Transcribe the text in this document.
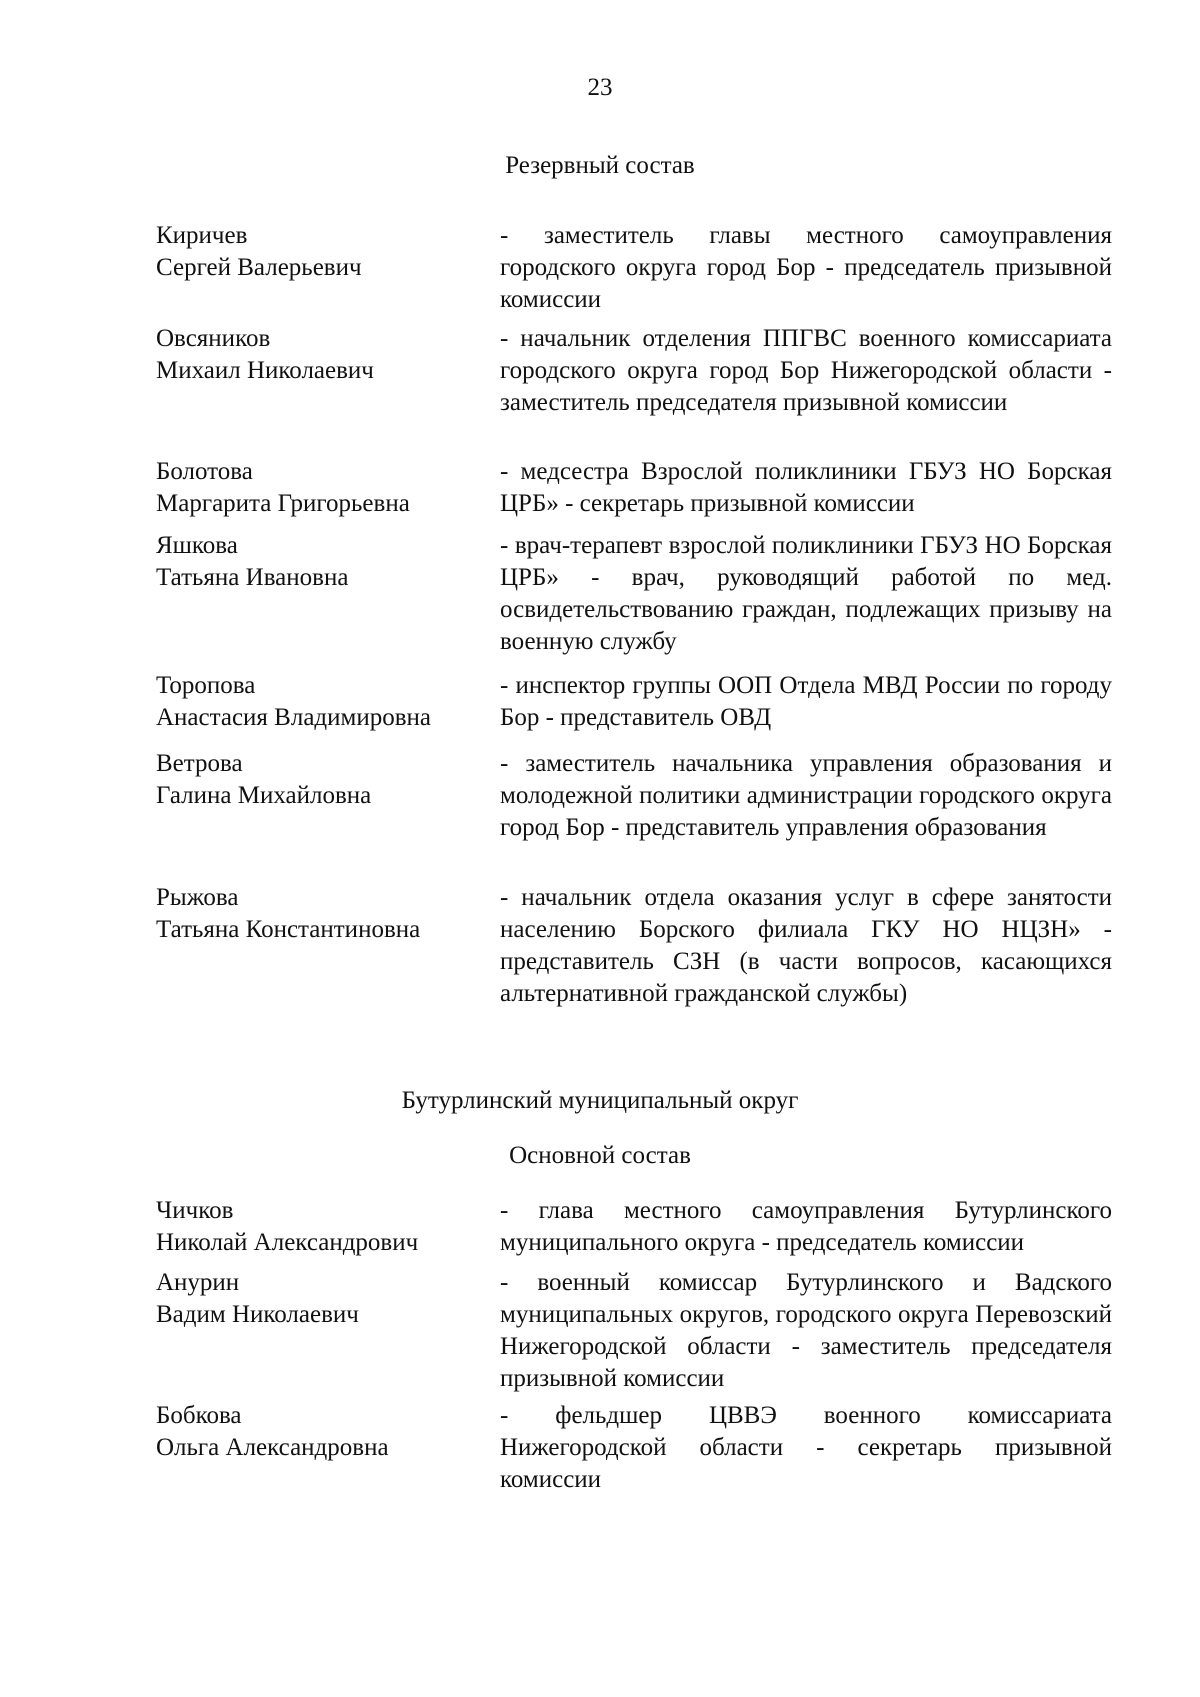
23
Резервный состав
Киричев
Сергей Валерьевич
- заместитель главы местного самоуправления городского округа город Бор - председатель призывной комиссии
Овсяников
Михаил Николаевич
- начальник отделения ППГВС военного комиссариата городского округа город Бор Нижегородской области - заместитель председателя призывной комиссии
Болотова
Маргарита Григорьевна
- медсестра Взрослой поликлиники ГБУЗ НО Борская ЦРБ» - секретарь призывной комиссии
Яшкова
Татьяна Ивановна
- врач-терапевт взрослой поликлиники ГБУЗ НО Борская ЦРБ» - врач, руководящий работой по мед. освидетельствованию граждан, подлежащих призыву на военную службу
Торопова
Анастасия Владимировна
- инспектор группы ООП Отдела МВД России по городу Бор - представитель ОВД
Ветрова
Галина Михайловна
- заместитель начальника управления образования и молодежной политики администрации городского округа город Бор - представитель управления образования
Рыжова
Татьяна Константиновна
- начальник отдела оказания услуг в сфере занятости населению Борского филиала ГКУ НО НЦЗН» - представитель СЗН (в части вопросов, касающихся альтернативной гражданской службы)
Бутурлинский муниципальный округ
Основной состав
Чичков
Николай Александрович
- глава местного самоуправления Бутурлинского муниципального округа - председатель комиссии
Анурин
Вадим Николаевич
- военный комиссар Бутурлинского и Вадского муниципальных округов, городского округа Перевозский Нижегородской области - заместитель председателя призывной комиссии
Бобкова
Ольга Александровна
- фельдшер ЦВВЭ военного комиссариата Нижегородской области - секретарь призывной комиссии
